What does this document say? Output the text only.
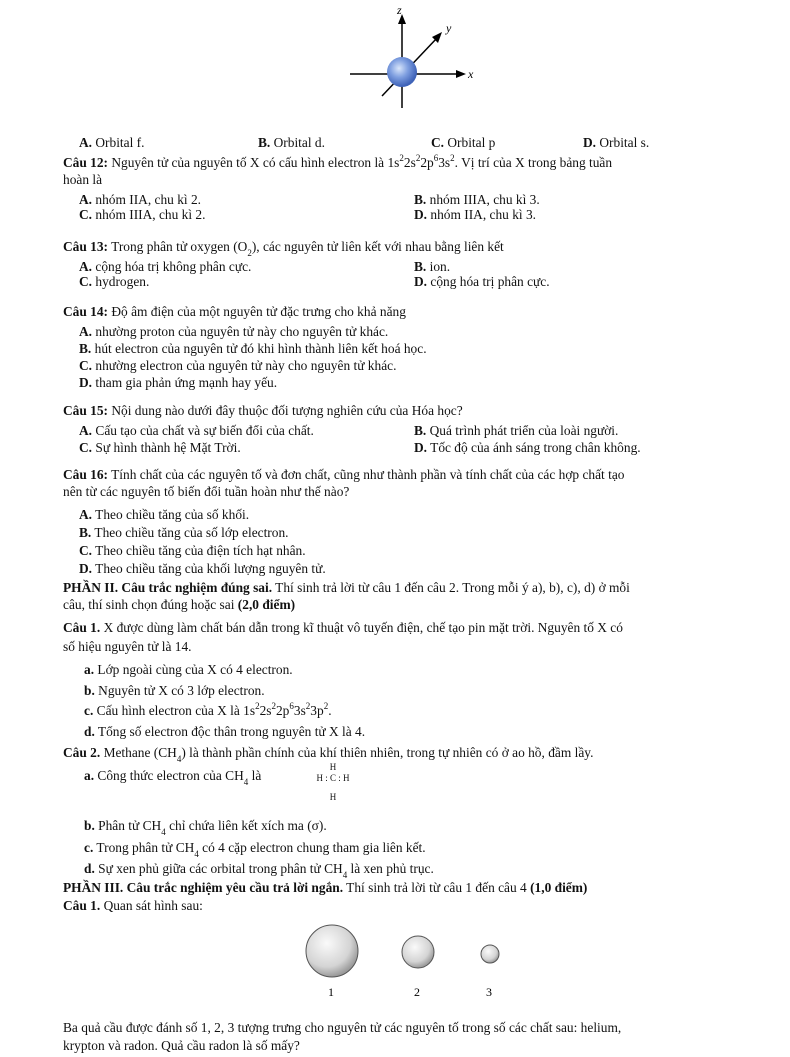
z
y
x
A. Orbital f.	B. Orbital d.	C. Orbital p	D. Orbital s.
Câu 12: Nguyên tử của nguyên tố X có cấu hình electron là $1s^22s^22p^63s^2$. Vị trí của X trong bảng tuần
hoàn là
A. nhóm IIA, chu kì 2.	B. nhóm IIIA, chu kì 3.
C. nhóm IIIA, chu kì 2.	D. nhóm IIA, chu kì 3.
Câu 13: Trong phân tử oxygen $(O_2)$, các nguyên tử liên kết với nhau bằng liên kết
A. cộng hóa trị không phân cực.	B. ion.
C. hydrogen.	D. cộng hóa trị phân cực.
Câu 14: Độ âm điện của một nguyên tử đặc trưng cho khả năng
A. nhường proton của nguyên tử này cho nguyên tử khác.
B. hút electron của nguyên tử đó khi hình thành liên kết hoá học.
C. nhường electron của nguyên tử này cho nguyên tử khác.
D. tham gia phản ứng mạnh hay yếu.
Câu 15: Nội dung nào dưới đây thuộc đối tượng nghiên cứu của Hóa học?
A. Cấu tạo của chất và sự biến đổi của chất.	B. Quá trình phát triển của loài người.
C. Sự hình thành hệ Mặt Trời.	D. Tốc độ của ánh sáng trong chân không.
Câu 16: Tính chất của các nguyên tố và đơn chất, cũng như thành phần và tính chất của các hợp chất tạo
nên từ các nguyên tố biến đổi tuần hoàn như thế nào?
A. Theo chiều tăng của số khối.
B. Theo chiều tăng của số lớp electron.
C. Theo chiều tăng của điện tích hạt nhân.
D. Theo chiều tăng của khối lượng nguyên tử.
PHẦN II. Câu trắc nghiệm đúng sai. Thí sinh trả lời từ câu 1 đến câu 2. Trong mỗi ý a), b), c), d) ở mỗi
câu, thí sinh chọn đúng hoặc sai (2,0 điểm)
Câu 1. X được dùng làm chất bán dẫn trong kĩ thuật vô tuyến điện, chế tạo pin mặt trời. Nguyên tố X có
số hiệu nguyên tử là 14.
a. Lớp ngoài cùng của X có 4 electron.
b. Nguyên tử X có 3 lớp electron.
c. Cấu hình electron của X là $1s^22s^22p^63s^23p^2$.
d. Tổng số electron độc thân trong nguyên tử X là 4.
Câu 2. Methane $(CH_4)$ là thành phần chính của khí thiên nhiên, trong tự nhiên có ở ao hồ, đầm lầy.
a. Công thức electron của $CH_4$ là
H
H : C : H
H
b. Phân tử $CH_4$ chỉ chứa liên kết xích ma (σ).
c. Trong phân tử $CH_4$ có 4 cặp electron chung tham gia liên kết.
d. Sự xen phủ giữa các orbital trong phân tử $CH_4$ là xen phủ trục.
PHẦN III. Câu trắc nghiệm yêu cầu trả lời ngắn. Thí sinh trả lời từ câu 1 đến câu 4 (1,0 điểm)
Câu 1. Quan sát hình sau:
1	2	3
Ba quả cầu được đánh số 1, 2, 3 tượng trưng cho nguyên tử các nguyên tố trong số các chất sau: helium,
krypton và radon. Quả cầu radon là số mấy?
